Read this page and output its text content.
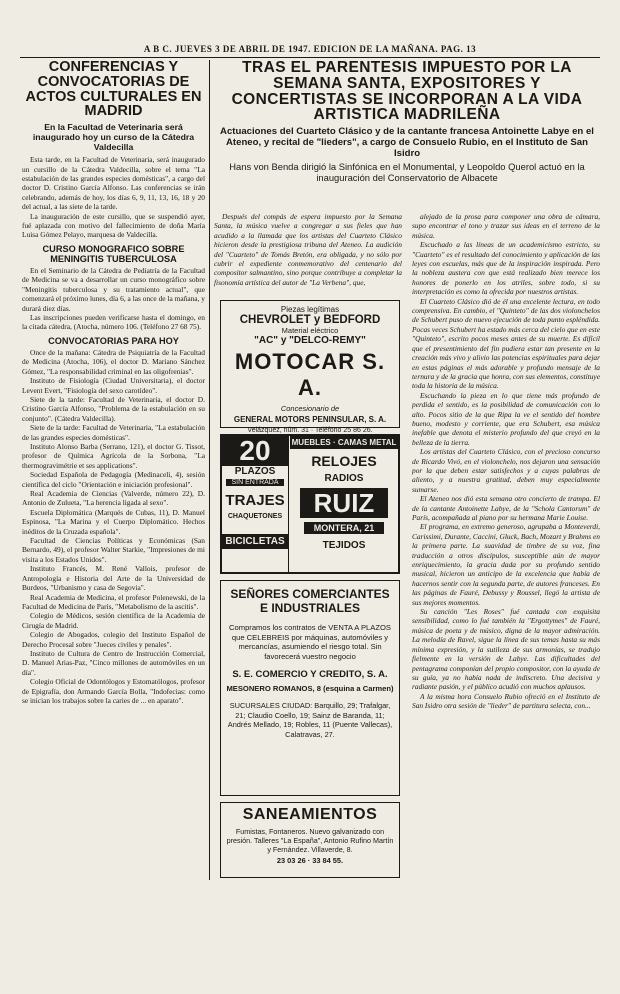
A B C. JUEVES 3 DE ABRIL DE 1947. EDICION DE LA MAÑANA. PAG. 13
CONFERENCIAS Y CONVOCATORIAS DE ACTOS CULTURALES EN MADRID
En la Facultad de Veterinaria será inaugurado hoy un curso de la Cátedra Valdecilla

Esta tarde, en la Facultad de Veterinaria, será inaugurado un cursillo de la Cátedra Valdecilla, sobre el tema "La estabulación de las grandes especies domésticas", a cargo del doctor D. Cristino García Alfonso. Las conferencias se irán celebrando, además de hoy, los días 6, 9, 11, 13, 16, 18 y 20 del actual, a las siete de la tarde.

La inauguración de este cursillo, que se suspendió ayer, fué aplazada con motivo del fallecimiento de doña María Luisa Gómez Pelayo, marquesa de Valdecilla.

CURSO MONOGRAFICO SOBRE MENINGITIS TUBERCULOSA

En el Seminario de la Cátedra de Pediatría de la Facultad de Medicina se va a desarrollar un curso monográfico sobre "Meningitis tuberculosa y su tratamiento actual", que comenzará el próximo lunes, día 6, a las once de la mañana, y durará diez días.

Las inscripciones pueden verificarse hasta el domingo, en la citada cátedra, (Atocha, número 106. (Teléfono 27 68 75).

CONVOCATORIAS PARA HOY

Once de la mañana: Cátedra de Psiquiatría de la Facultad de Medicina (Atocha, 106), el doctor D. Mariano Sánchez Gómez, "La responsabilidad criminal en las oligofrenias".

Instituto de Fisiología (Ciudad Universitaria), el doctor Levent Evert, "Fisiología del sexo carotídeo".

Siete de la tarde: Facultad de Veterinaria, el doctor D. Cristino García Alfonso, "Problema de la estabulación en su conjunto". (Cátedra Valdecilla).

Siete de la tarde: Facultad de Veterinaria, "La estabulación de las grandes especies domésticas".

Instituto Alonso Barba (Serrano, 121), el doctor G. Tissot, profesor de Química Agrícola de la Sorbona, "La thermogravimétrie et ses applications".

Sociedad Española de Pedagogía (Medinaceli, 4), sesión científica del ciclo "Orientación e iniciación profesional".

Real Academia de Ciencias (Valverde, número 22), D. Antonio de Zulueta, "La herencia ligada al sexo".

Escuela Diplomática (Marqués de Cubas, 11), D. Manuel Espinosa, "La Marina y el Cuerpo Diplomático. Hechos inéditos de la Cruzada española".

Facultad de Ciencias Políticas y Económicas (San Bernardo, 49), el profesor Walter Starkie, "Impresiones de mi visita a los Estados Unidos".

Instituto Francés, M. René Vallois, profesor de Antropología e Historia del Arte de la Universidad de Burdeos, "Urbanismo y casa de Segovia".

Real Academia de Medicina, el profesor Polenewski, de la Facultad de Medicina de París, "Metabolismo de la ascitis".

Colegio de Médicos, sesión científica de la Academia de Cirugía de Madrid.

Colegio de Abogados, colegio del Instituto Español de Derecho Procesal sobre "Jueces civiles y penales".

Instituto de Cultura de Centro de Instrucción Comercial, D. Manuel Arias-Paz, "Cinco millones de automóviles en un día".

Colegio Oficial de Odontólogos y Estomatólogos, profesor de Epigrafía, don Armando García Bolla, "Indofecias: como se inician los trabajos sobre la caries de ... en aparato".

TRAS EL PARENTESIS IMPUESTO POR LA SEMANA SANTA, EXPOSITORES Y CONCERTISTAS SE INCORPORAN A LA VIDA ARTISTICA MADRILEÑA
Actuaciones del Cuarteto Clásico y de la cantante francesa Antoinette Labye en el Ateneo, y recital de "lieders", a cargo de Consuelo Rubio, en el Instituto de San Isidro
Hans von Benda dirigió la Sinfónica en el Monumental, y Leopoldo Querol actuó en la inauguración del Conservatorio de Albacete

Después del compás de espera impuesto por la Semana Santa, la música vuelve a congregar a sus fieles que han acudido a la llamada que los artistas del Cuarteto Clásico hicieron desde la prestigiosa tribuna del Ateneo. La audición del "Cuarteto" de Tomás Bretón, era obligada, y no sólo por cubrir el expediente conmemorativo del centenario del compositor salmantino, sino porque contribuye a completar la fisonomía artística del autor de "La Verbena", que,

alejado de la prosa para componer una obra de cámara, supo encontrar el tono y trazar sus ideas en el terreno de la música.

Escuchado a las líneas de un academicismo estricto, su "Cuarteto" es el resultado del conocimiento y aplicación de las leyes con escuelas, más que de la inspiración inspirada. Pero la nobleza austera con que está realizado bien merece los honores de ponerlo en los atriles, sobre todo, si su interpretación es como la ofrecida por nuestros artistas.

El Cuarteto Clásico dió de él una excelente lectura, en todo comprensiva. En cambio, el "Quinteto" de las dos violonchelos de Schubert puso de nuevo ejecución de toda punto espléndida. Pocas veces Schubert ha estado más cerca del cielo que en este "Quinteto", escrito pocos meses antes de su muerte. Es difícil que el presentimiento del fin pudiera estar tan presente en la creación más vivo y alivio las potencias espirituales para dejar en estas páginas el más adorable y profundo mensaje de la ternura y de la gracia que honra, con sus elementos, constituye toda la historia de la música.

Escuchando la pieza en lo que tiene más profundo de perdida el sentido, es la posibilidad de comunicación con lo alto. Pocos sitio de la que Ripa la ve el sentido del hombre bueno, modesto y corriente, que era Schubert, esa música inefable que denota el misterio profundo del que creyó en la belleza de la tierra.

Los artistas del Cuarteto Clásico, con el precioso concurso de Ricardo Vivó, en el violonchelo, nos dejaron una sensación por la que deben estar satisfechos y a cuyas palabras de aliento, y a nuestra gratitud, deben muy especialmente sumarse.

El Ateneo nos dió esta semana otro concierto de trampa. El de la cantante Antoinette Labye, de la "Schola Cantorum" de París, acompañada al piano por su hermana Marie Louise.

El programa, en extremo generoso, agrupaba a Monteverdi, Carissimi, Durante, Caccini, Gluck, Bach, Mozart y Brahms en la primera parte. La suavidad de timbre de su voz, fina traducción a otros discípulos, susceptible aún de mayor enriquecimiento, la gracia dada por su profundo sentido musical, hicieron un anticipo de la excelencia que había de hacernos sentir con la segunda parte, de autores franceses. En las páginas de Fauré, Debussy y Roussel, llegó la artista de sus mejores momentos.

Su canción "Les Roses" fué cantada con exquisita sensibilidad, como lo fué también la "Ergottymes" de Fauré, música de poeta y de músico, digna de la mayor admiración. La melodía de Ravel, sigue la línea de sus temas hasta su más mínima expresión, y la sutileza de sus armonías, se tradujo fielmente en la versión de Labye. Las dificultades del pentagrama componían del propio compositor, con la ayuda de su guía, ya no había nada de indiscreto. Una decisiva y radiante pasión, y el público acudió con muchos aplausos.

A la misma hora Consuelo Rubio ofreció en el Instituto de San Isidro otra sesión de "lieder" de partitura selecta, con...

Piezas legítimas
CHEVROLET y BEDFORD
Material eléctrico
"AC" y "DELCO-REMY"
MOTOCAR S. A.
Concesionario de
GENERAL MOTORS PENINSULAR, S. A.
Velázquez, núm. 31 · Teléfono 25 86 26.
20
PLAZOS
SIN ENTRADA
TRAJES
CHAQUETONES
BICICLETAS
MUEBLES · CAMAS METAL
RELOJES
RADIOS
RUIZ
MONTERA, 21
TEJIDOS
SEÑORES COMERCIANTES E INDUSTRIALES
Compramos los contratos de VENTA A PLAZOS que CELEBREIS por máquinas, automóviles y mercancías, asumiendo el riesgo total. Sin favorecerá vuestro negocio
S. E. COMERCIO Y CREDITO, S. A.
MESONERO ROMANOS, 8 (esquina a Carmen)
SUCURSALES CIUDAD: Barquillo, 29; Trafalgar, 21; Claudio Coello, 19; Sainz de Baranda, 11; Andrés Mellado, 19; Robles, 11 (Puente Vallecas), Calatravas, 27.
SANEAMIENTOS
Fumistas, Fontaneros. Nuevo galvanizado con presión. Talleres "La España", Antonio Rufino Martín y Fernández. Villaverde, 8.
23 03 26 · 33 84 55.
